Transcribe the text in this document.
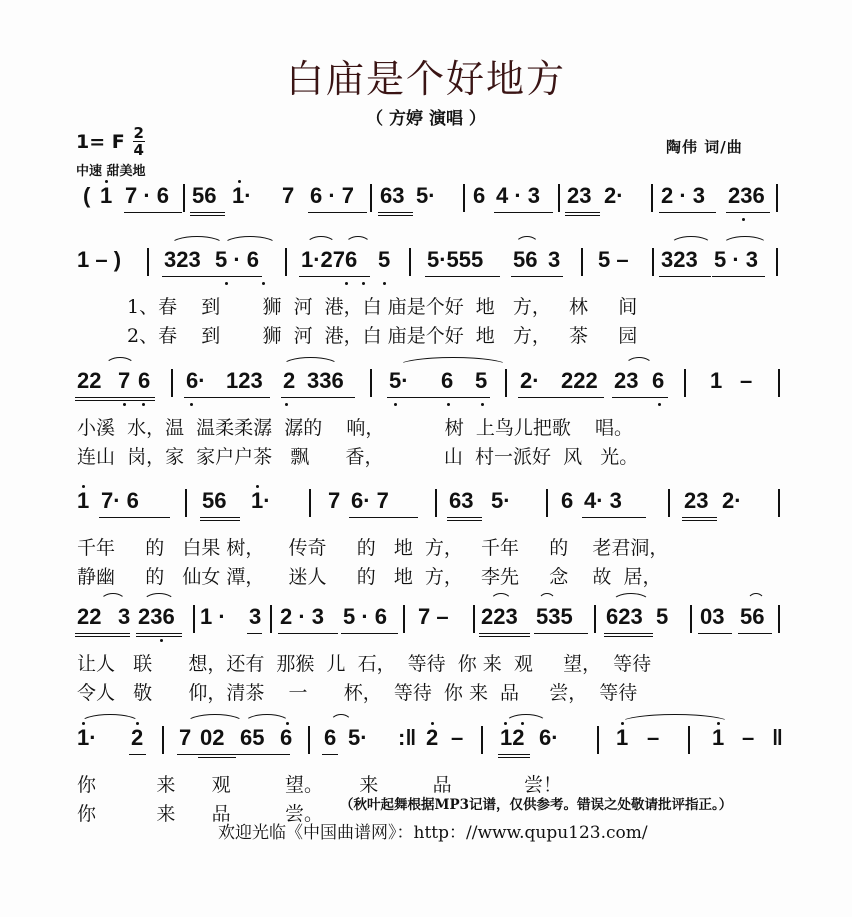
白庙是个好地方
（ 方婷 演唱 ）
1= F $\frac{2}{4}$
中速 甜美地
陶伟 词/曲
( 1 7 · 6 56 1· 7 6 · 7 63 5· 6 4 · 3 23 2· 2 · 3 236
1 – ) 323 5 · 6 1·276 5 5·555 56 3 5 – 323 5 · 3
1、春    到       狮  河  港，白 庙是个好  地   方，   林     间
2、春    到       狮  河  港，白 庙是个好  地   方，   茶     园
22 7 6 6· 123 2 336 5· 6 5 2· 222 23 6 1 –
小溪  水，温  温柔柔潺  潺的    响，          树  上鸟儿把歌    唱。
连山  岗，家  家户户茶   飘      香，          山  村一派好  风   光。
1 7· 6	56 1·	7 6· 7	63 5· 6 4· 3	23 2·
千年     的   白果 树，    传奇     的   地  方，   千年     的    老君洞，
静幽     的   仙女 潭，    迷人     的   地  方，   李先     念    故  居，
22 3 236 1 · 3 2 · 3 5 · 6 7 – 223 535 623 5 03 56
让人   联      想，还有  那猴  儿  石，  等待  你 来  观     望，  等待
令人   敬      仰，清茶    一      杯，  等待  你 来  品     尝，  等待
1· 2 7 02 65 6 6 5·	2 – 12 6·	1 – 1 –
:‖	‖
你          来      观         望。      来         品            尝！
你          来      品         尝。 （秋叶起舞根据MP3记谱，仅供参考。错误之处敬请批评指正。）
欢迎光临《中国曲谱网》：http：//www.qupu123.com/
